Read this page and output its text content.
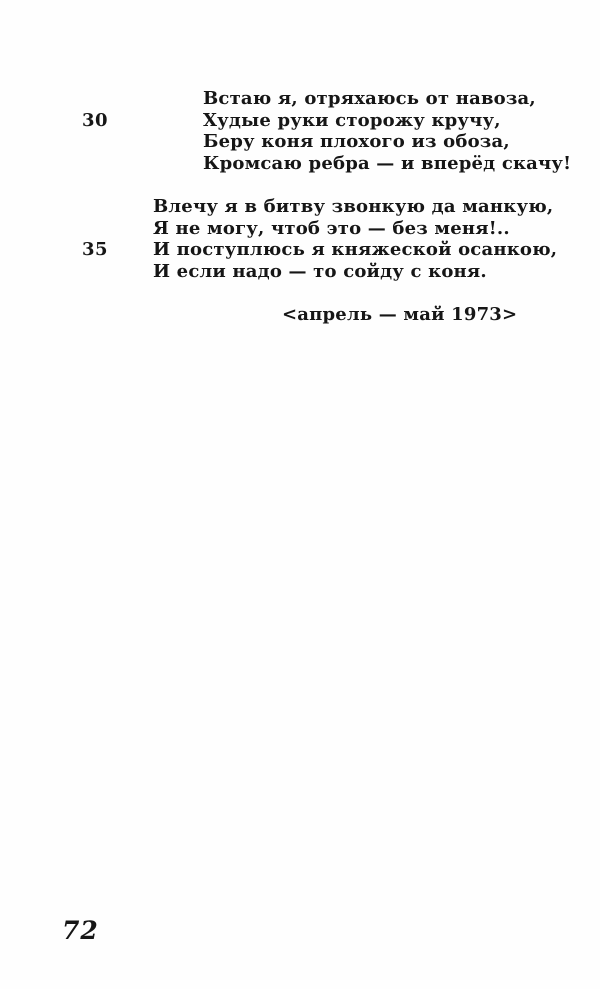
Встаю я, отряхаюсь от навоза,
30	Худые руки сторожу кручу,
Беру коня плохого из обоза,
Кромсаю ребра — и вперёд скачу!
Влечу я в битву звонкую да манкую,
Я не могу, чтоб это — без меня!..
35	И поступлюсь я княжеской осанкою,
И если надо — то сойду с коня.
<апрель — май 1973>
72
